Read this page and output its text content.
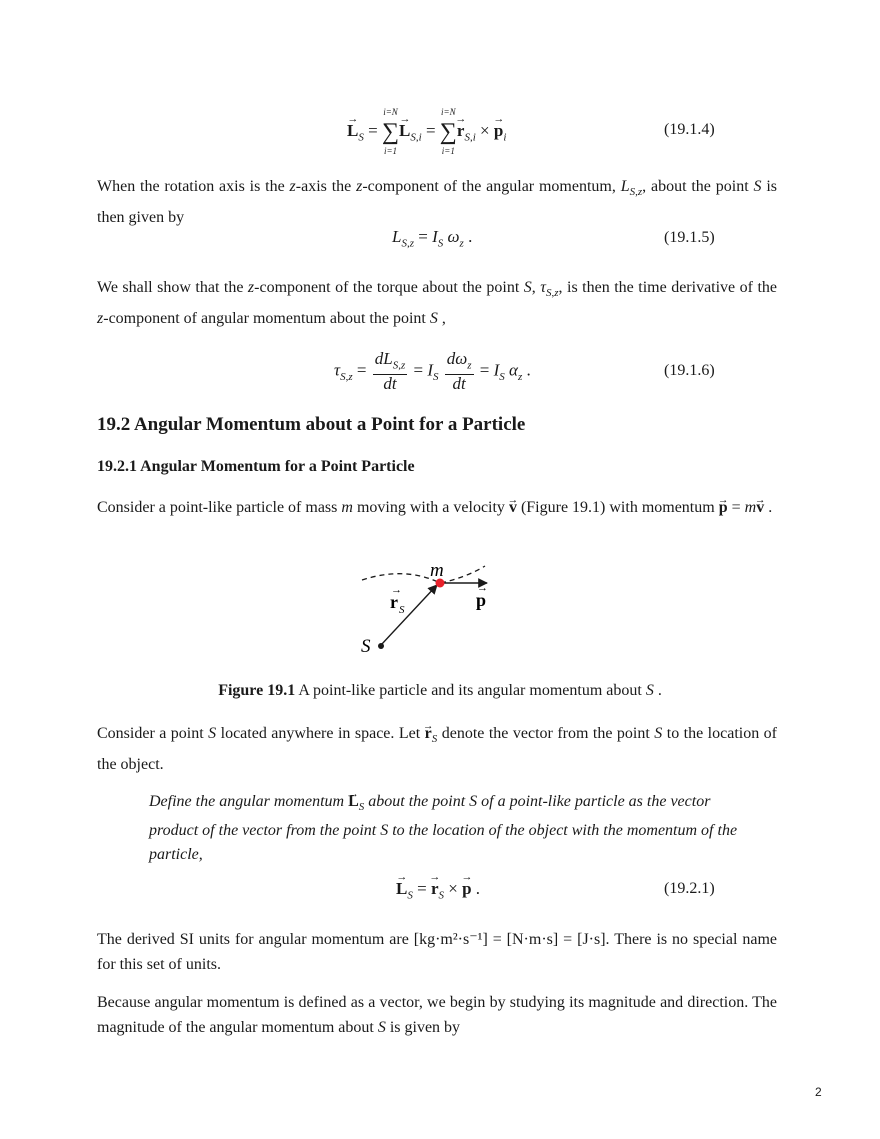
→ $L_S$ = ∑
i=N
i=1
→ $L_{S,i}$ = ∑
i=N
i=1
→ $r_{S,i}$ × → $p_i$	(19.1.4)
When the rotation axis is the z-axis the z-component of the angular momentum, $L_{S,z}$, about the point S is then given by
$L_{S,z} = I_S$ $\omega_z$ .	(19.1.5)
We shall show that the z-component of the torque about the point S, $\tau_{S,z}$, is then the time derivative of the z-component of angular momentum about the point S ,
$\tau_{S,z} = \frac{dL_{S,z}}{dt} = I_S \frac{d\omega_z}{dt} = I_S$ $\alpha_z$ .	(19.1.6)
19.2 Angular Momentum about a Point for a Particle
19.2.1 Angular Momentum for a Point Particle
Consider a point-like particle of mass m moving with a velocity → v (Figure 19.1) with momentum → p = m→ v .
m
r
→
S	p
→
S
Figure 19.1 A point-like particle and its angular momentum about S .
Consider a point S located anywhere in space. Let → $r_S$ denote the vector from the point S to the location of the object.
Define the angular momentum → $L_S$ about the point S of a point-like particle as the vector product of the vector from the point S to the location of the object with the momentum of the particle,
→ $L_S$ = → $r_S$ × → p .	(19.2.1)
The derived SI units for angular momentum are [kg·m²·s⁻¹] = [N·m·s] = [J·s]. There is no special name for this set of units.
Because angular momentum is defined as a vector, we begin by studying its magnitude and direction. The magnitude of the angular momentum about S is given by
2
